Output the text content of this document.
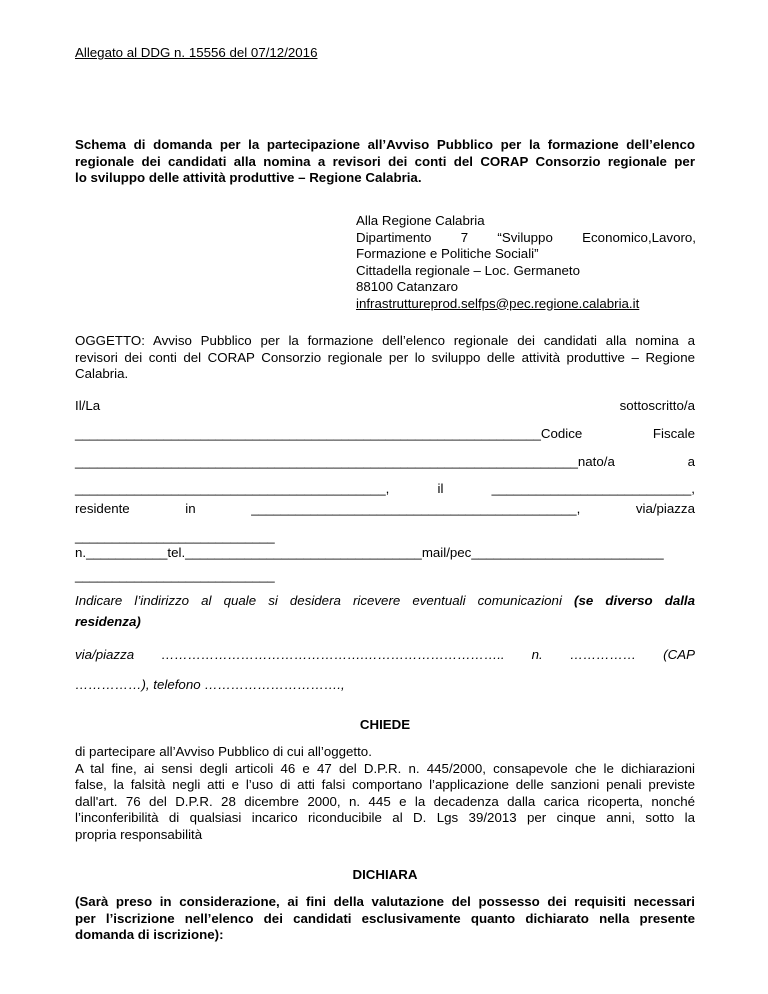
Allegato al DDG n. 15556 del 07/12/2016
Schema di domanda per la partecipazione all’Avviso Pubblico per la formazione dell’elenco
regionale dei candidati alla nomina a revisori dei conti del CORAP Consorzio regionale per
lo sviluppo delle attività produttive – Regione Calabria.
Alla Regione Calabria
Dipartimento 7 “Sviluppo Economico,Lavoro,
Formazione e Politiche Sociali”
Cittadella regionale – Loc. Germaneto
88100 Catanzaro
infrastruttureprod.selfps@pec.regione.calabria.it
OGGETTO: Avviso Pubblico per la formazione dell’elenco regionale dei candidati alla nomina a
revisori dei conti del CORAP Consorzio regionale per lo sviluppo delle attività produttive – Regione
Calabria.
Il/La	sottoscritto/a
_______________________________________________________________Codice	Fiscale
____________________________________________________________________nato/a	a
__________________________________________,	il	___________________________,
residente	in	____________________________________________,	via/piazza
___________________________
n.___________tel.________________________________mail/pec__________________________
___________________________
Indicare l’indirizzo al quale si desidera ricevere eventuali comunicazioni (se diverso dalla
residenza)
via/piazza ……………………………………….………………………….. n. …………… (CAP
……………), telefono ………………………….,
CHIEDE
di partecipare all’Avviso Pubblico di cui all’oggetto.
A tal fine, ai sensi degli articoli 46 e 47 del D.P.R. n. 445/2000, consapevole che le dichiarazioni
false, la falsità negli atti e l’uso di atti falsi comportano l’applicazione delle sanzioni penali previste
dall'art. 76 del D.P.R. 28 dicembre 2000, n. 445 e la decadenza dalla carica ricoperta, nonché
l’inconferibilità di qualsiasi incarico riconducibile al D. Lgs 39/2013 per cinque anni, sotto la
propria responsabilità
DICHIARA
(Sarà preso in considerazione, ai fini della valutazione del possesso dei requisiti necessari
per l’iscrizione nell’elenco dei candidati esclusivamente quanto dichiarato nella presente
domanda di iscrizione):
